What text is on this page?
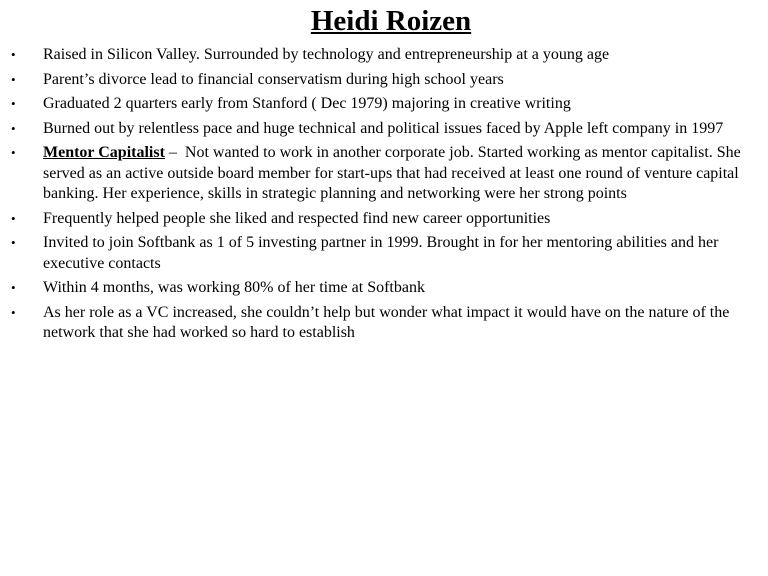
Heidi Roizen
• Raised in Silicon Valley. Surrounded by technology and entrepreneurship at a young age
• Parent’s divorce lead to financial conservatism during high school years
• Graduated 2 quarters early from Stanford ( Dec 1979) majoring in creative writing
• Burned out by relentless pace and huge technical and political issues faced by Apple left company in 1997
• Mentor Capitalist –  Not wanted to work in another corporate job. Started working as mentor capitalist. She served as an active outside board member for start-ups that had received at least one round of venture capital banking. Her experience, skills in strategic planning and networking were her strong points
• Frequently helped people she liked and respected find new career opportunities
• Invited to join Softbank as 1 of 5 investing partner in 1999. Brought in for her mentoring abilities and her executive contacts
• Within 4 months, was working 80% of her time at Softbank
• As her role as a VC increased, she couldn’t help but wonder what impact it would have on the nature of the network that she had worked so hard to establish
